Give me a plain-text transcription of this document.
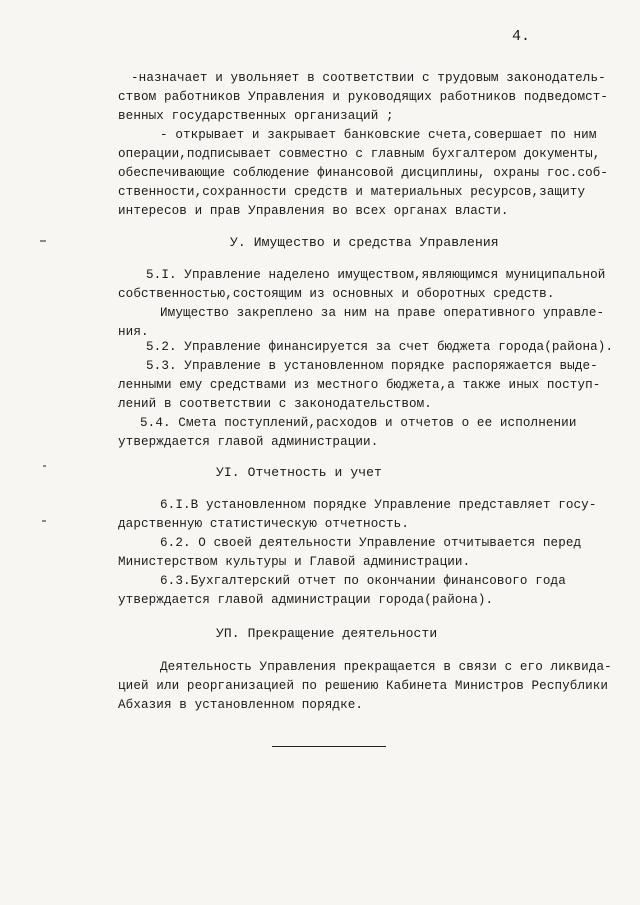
4.
-назначает и увольняет в соответствии с трудовым законодатель-
ством работников Управления и руководящих работников подведомст-
венных государственных организаций ;
- открывает и закрывает банковские счета,совершает по ним
операции,подписывает совместно с главным бухгалтером документы,
обеспечивающие соблюдение финансовой дисциплины, охраны гос.соб-
ственности,сохранности средств и материальных ресурсов,защиту
интересов и прав Управления во всех органах власти.
У. Имущество и средства Управления
5.I. Управление наделено имуществом,являющимся муниципальной
собственностью,состоящим из основных и оборотных средств.
Имущество закреплено за ним на праве оперативного управле-
ния.
5.2. Управление финансируется за счет бюджета города(района).
5.3. Управление в установленном порядке распоряжается выде-
ленными ему средствами из местного бюджета,а также иных поступ-
лений в соответствии с законодательством.
5.4. Смета поступлений,расходов и отчетов о ее исполнении
утверждается главой администрации.
УI. Отчетность и учет
6.I.В установленном порядке Управление представляет госу-
дарственную статистическую отчетность.
6.2. О своей деятельности Управление отчитывается перед
Министерством культуры и Главой администрации.
6.3.Бухгалтерский отчет по окончании финансового года
утверждается главой администрации города(района).
УП. Прекращение деятельности
Деятельность Управления прекращается в связи с его ликвида-
цией или реорганизацией по решению Кабинета Министров Республики
Абхазия в установленном порядке.
